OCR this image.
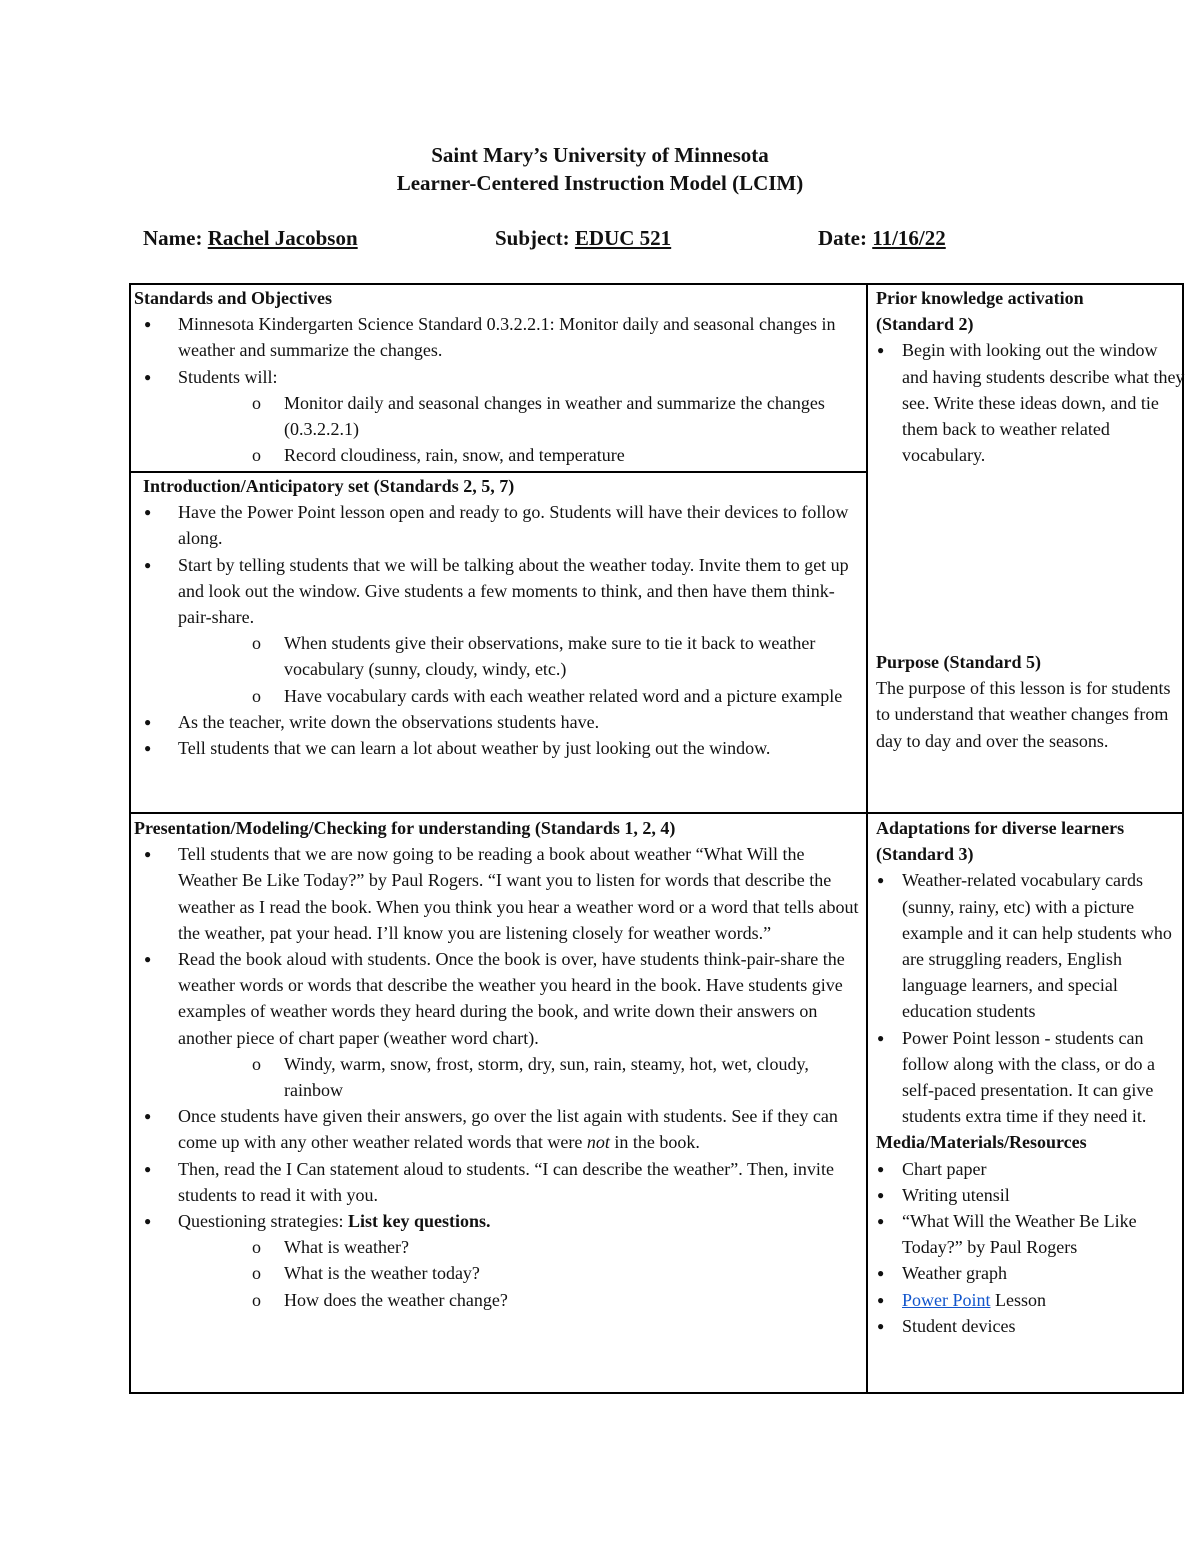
Saint Mary’s University of Minnesota
Learner-Centered Instruction Model (LCIM)
Name: Rachel Jacobson	Subject: EDUC 521	Date: 11/16/22
Standards and Objectives
● Minnesota Kindergarten Science Standard 0.3.2.2.1: Monitor daily and seasonal changes in weather and summarize the changes.
● Students will:
o Monitor daily and seasonal changes in weather and summarize the changes (0.3.2.2.1)
o Record cloudiness, rain, snow, and temperature
Introduction/Anticipatory set (Standards 2, 5, 7)
● Have the Power Point lesson open and ready to go. Students will have their devices to follow along.
● Start by telling students that we will be talking about the weather today. Invite them to get up and look out the window. Give students a few moments to think, and then have them think-pair-share.
o When students give their observations, make sure to tie it back to weather vocabulary (sunny, cloudy, windy, etc.)
o Have vocabulary cards with each weather related word and a picture example
● As the teacher, write down the observations students have.
● Tell students that we can learn a lot about weather by just looking out the window.
Presentation/Modeling/Checking for understanding (Standards 1, 2, 4)
● Tell students that we are now going to be reading a book about weather “What Will the Weather Be Like Today?” by Paul Rogers. “I want you to listen for words that describe the weather as I read the book. When you think you hear a weather word or a word that tells about the weather, pat your head. I’ll know you are listening closely for weather words.”
● Read the book aloud with students. Once the book is over, have students think-pair-share the weather words or words that describe the weather you heard in the book. Have students give examples of weather words they heard during the book, and write down their answers on another piece of chart paper (weather word chart).
o Windy, warm, snow, frost, storm, dry, sun, rain, steamy, hot, wet, cloudy, rainbow
● Once students have given their answers, go over the list again with students. See if they can come up with any other weather related words that were not in the book.
● Then, read the I Can statement aloud to students. “I can describe the weather”. Then, invite students to read it with you.
● Questioning strategies: List key questions.
o What is weather?
o What is the weather today?
o How does the weather change?
Prior knowledge activation
(Standard 2)
● Begin with looking out the window and having students describe what they see. Write these ideas down, and tie them back to weather related vocabulary.
Purpose (Standard 5)
The purpose of this lesson is for students to understand that weather changes from day to day and over the seasons.
Adaptations for diverse learners
(Standard 3)
● Weather-related vocabulary cards (sunny, rainy, etc) with a picture example and it can help students who are struggling readers, English language learners, and special education students
● Power Point lesson - students can follow along with the class, or do a self-paced presentation. It can give students extra time if they need it.
Media/Materials/Resources
● Chart paper
● Writing utensil
● “What Will the Weather Be Like Today?” by Paul Rogers
● Weather graph
● Power Point Lesson
● Student devices
